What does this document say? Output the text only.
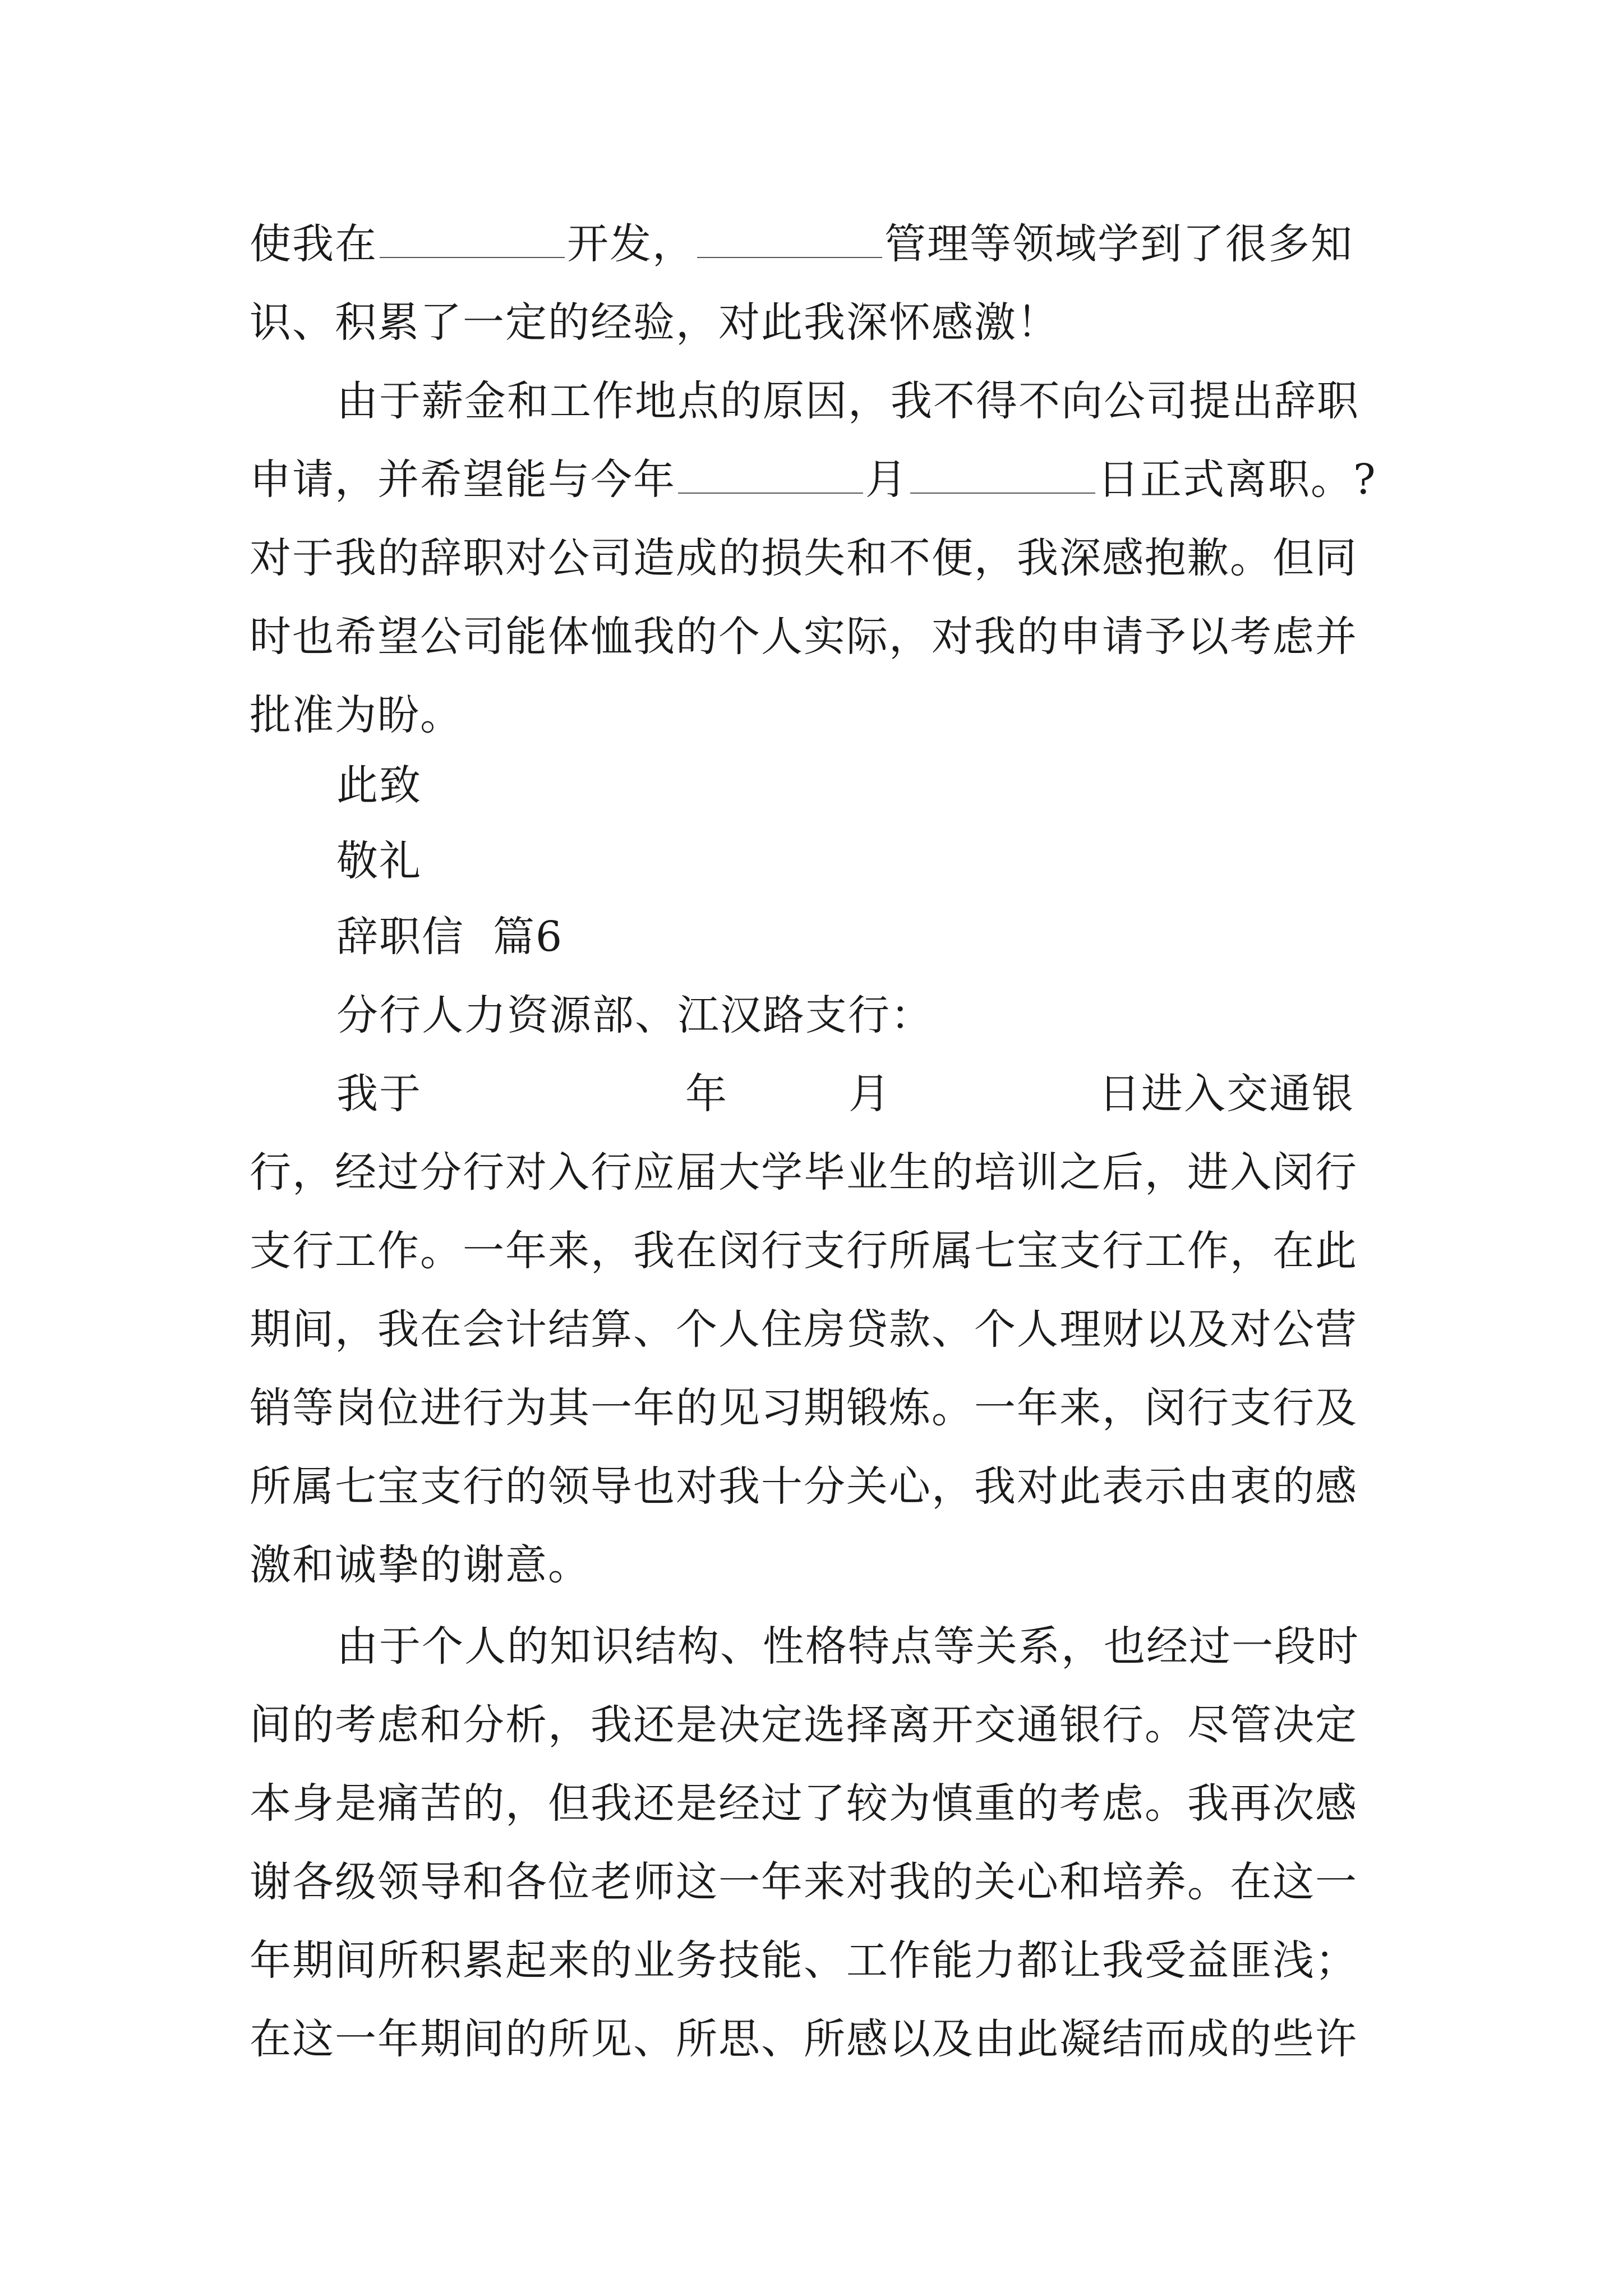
使我在	开发，	管理等领域学到了很多知
识、积累了一定的经验，对此我深怀感激！
由于薪金和工作地点的原因，我不得不向公司提出辞职
申请，并希望能与今年	月	日正式离职。?
对于我的辞职对公司造成的损失和不便，我深感抱歉。但同
时也希望公司能体恤我的个人实际，对我的申请予以考虑并
批准为盼。
此致
敬礼
辞职信  篇6
分行人力资源部、江汉路支行：
我于	年	月	日进入交通银
行，经过分行对入行应届大学毕业生的培训之后，进入闵行
支行工作。一年来，我在闵行支行所属七宝支行工作，在此
期间，我在会计结算、个人住房贷款、个人理财以及对公营
销等岗位进行为其一年的见习期锻炼。一年来，闵行支行及
所属七宝支行的领导也对我十分关心，我对此表示由衷的感
激和诚挚的谢意。
由于个人的知识结构、性格特点等关系，也经过一段时
间的考虑和分析，我还是决定选择离开交通银行。尽管决定
本身是痛苦的，但我还是经过了较为慎重的考虑。我再次感
谢各级领导和各位老师这一年来对我的关心和培养。在这一
年期间所积累起来的业务技能、工作能力都让我受益匪浅；
在这一年期间的所见、所思、所感以及由此凝结而成的些许
